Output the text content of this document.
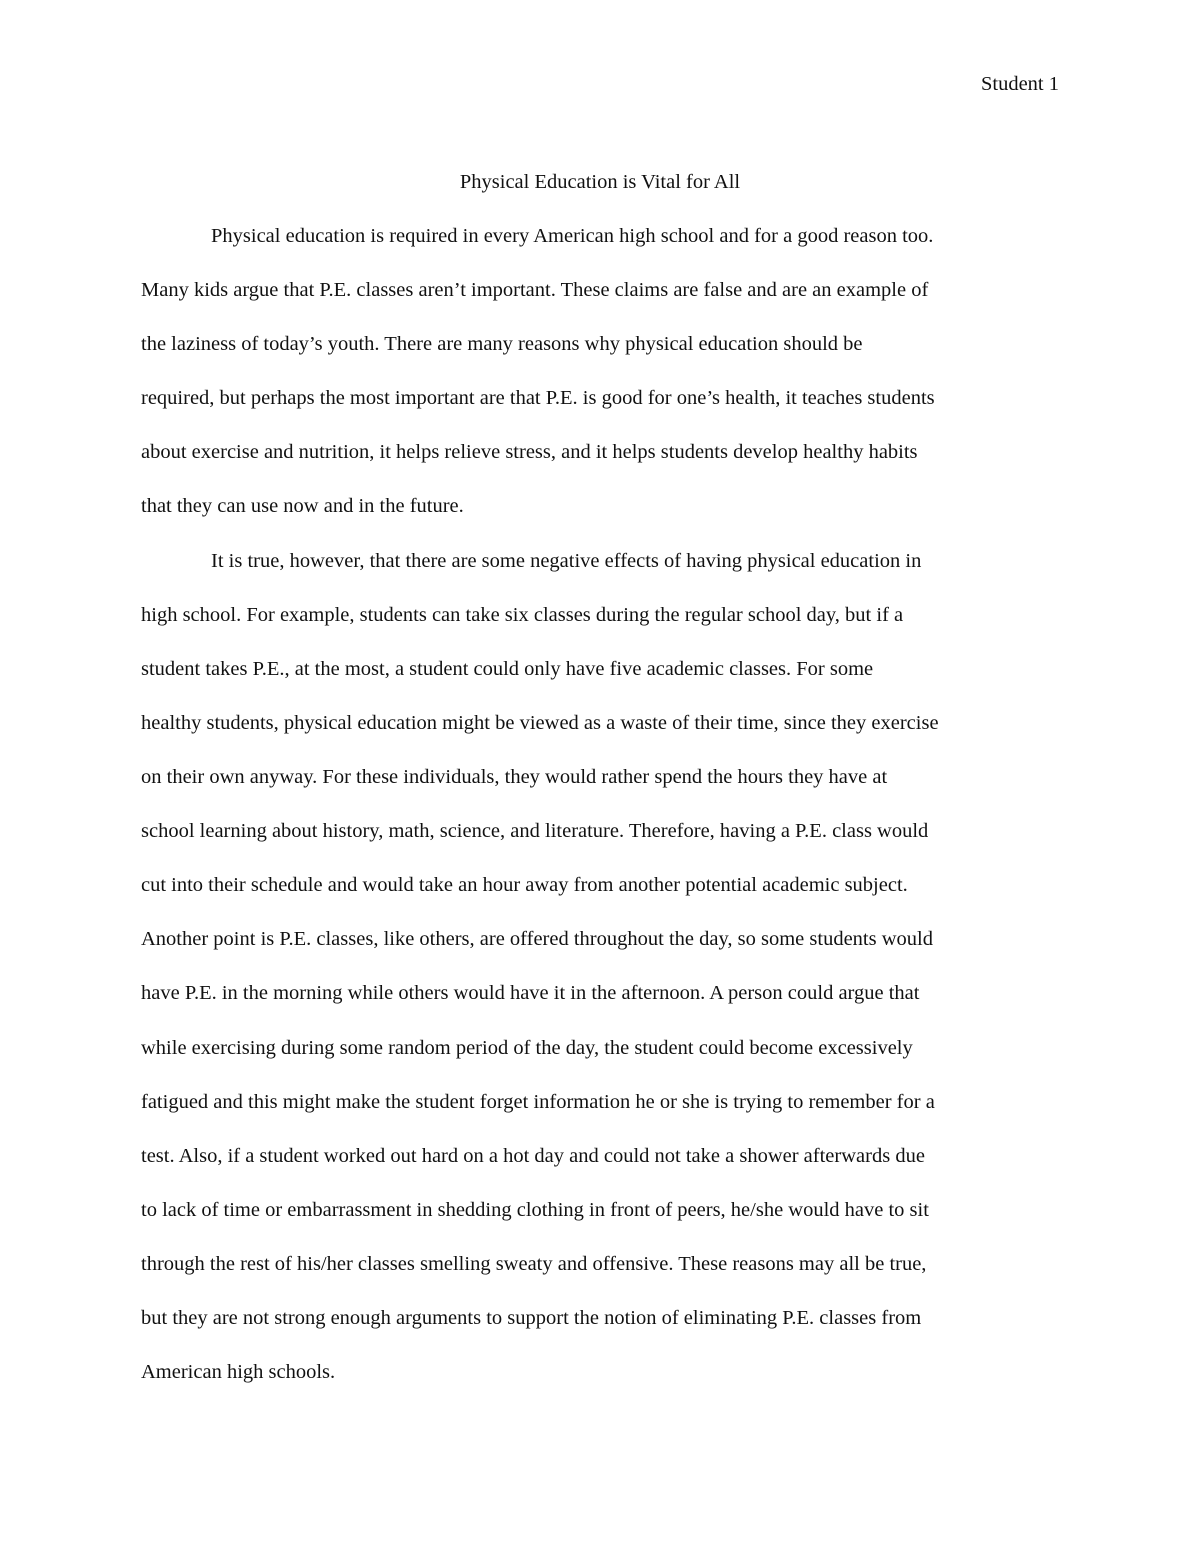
Student 1
Physical Education is Vital for All
Physical education is required in every American high school and for a good reason too.
Many kids argue that P.E. classes aren’t important. These claims are false and are an example of
the laziness of today’s youth. There are many reasons why physical education should be
required, but perhaps the most important are that P.E. is good for one’s health, it teaches students
about exercise and nutrition, it helps relieve stress, and it helps students develop healthy habits
that they can use now and in the future.
It is true, however, that there are some negative effects of having physical education in
high school. For example, students can take six classes during the regular school day, but if a
student takes P.E., at the most, a student could only have five academic classes. For some
healthy students, physical education might be viewed as a waste of their time, since they exercise
on their own anyway. For these individuals, they would rather spend the hours they have at
school learning about history, math, science, and literature. Therefore, having a P.E. class would
cut into their schedule and would take an hour away from another potential academic subject.
Another point is P.E. classes, like others, are offered throughout the day, so some students would
have P.E. in the morning while others would have it in the afternoon. A person could argue that
while exercising during some random period of the day, the student could become excessively
fatigued and this might make the student forget information he or she is trying to remember for a
test. Also, if a student worked out hard on a hot day and could not take a shower afterwards due
to lack of time or embarrassment in shedding clothing in front of peers, he/she would have to sit
through the rest of his/her classes smelling sweaty and offensive. These reasons may all be true,
but they are not strong enough arguments to support the notion of eliminating P.E. classes from
American high schools.
